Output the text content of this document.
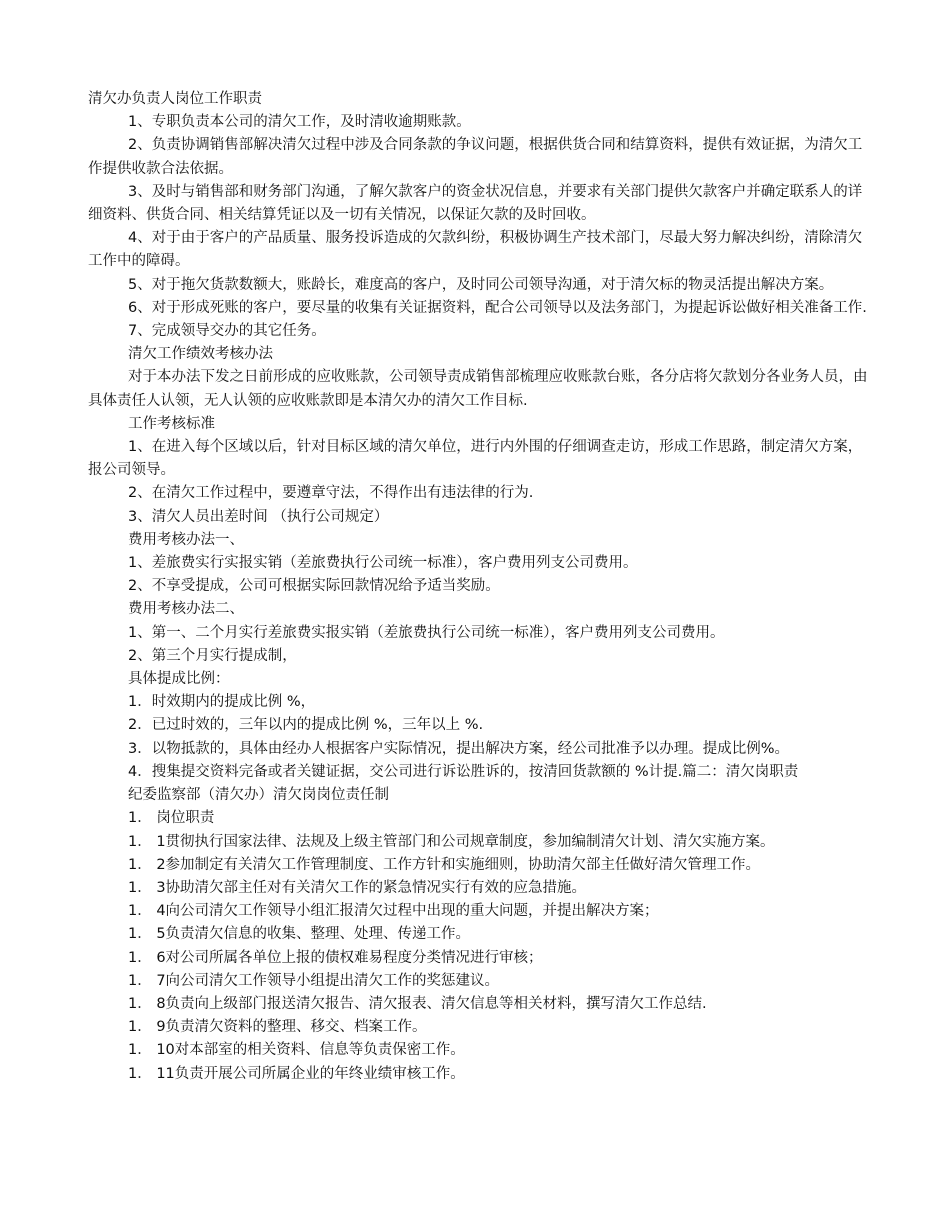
清欠办负责人岗位工作职责

1、专职负责本公司的清欠工作，及时清收逾期账款。

2、负责协调销售部解决清欠过程中涉及合同条款的争议问题，根据供货合同和结算资料，提供有效证据，为清欠工作提供收款合法依据。

3、及时与销售部和财务部门沟通，了解欠款客户的资金状况信息，并要求有关部门提供欠款客户并确定联系人的详细资料、供货合同、相关结算凭证以及一切有关情况，以保证欠款的及时回收。

4、对于由于客户的产品质量、服务投诉造成的欠款纠纷，积极协调生产技术部门，尽最大努力解决纠纷，清除清欠工作中的障碍。

5、对于拖欠货款数额大，账龄长，难度高的客户，及时同公司领导沟通，对于清欠标的物灵活提出解决方案。

6、对于形成死账的客户，要尽量的收集有关证据资料，配合公司领导以及法务部门，为提起诉讼做好相关准备工作.

7、完成领导交办的其它任务。

清欠工作绩效考核办法

对于本办法下发之日前形成的应收账款，公司领导责成销售部梳理应收账款台账，各分店将欠款划分各业务人员，由具体责任人认领，无人认领的应收账款即是本清欠办的清欠工作目标.

工作考核标准

1、在进入每个区域以后，针对目标区域的清欠单位，进行内外围的仔细调查走访，形成工作思路，制定清欠方案，报公司领导。

2、在清欠工作过程中，要遵章守法，不得作出有违法律的行为.

3、清欠人员出差时间 （执行公司规定）

费用考核办法一、

1、差旅费实行实报实销（差旅费执行公司统一标准），客户费用列支公司费用。

2、不享受提成，公司可根据实际回款情况给予适当奖励。

费用考核办法二、

1、第一、二个月实行差旅费实报实销（差旅费执行公司统一标准），客户费用列支公司费用。

2、第三个月实行提成制，

具体提成比例：

1．时效期内的提成比例 %，

2．已过时效的，三年以内的提成比例 %，三年以上 %.

3．以物抵款的，具体由经办人根据客户实际情况，提出解决方案，经公司批准予以办理。提成比例%。

4．搜集提交资料完备或者关键证据，交公司进行诉讼胜诉的，按清回货款额的 %计提.篇二：清欠岗职责

纪委监察部（清欠办）清欠岗岗位责任制

1． 岗位职责

1． 1贯彻执行国家法律、法规及上级主管部门和公司规章制度，参加编制清欠计划、清欠实施方案。

1． 2参加制定有关清欠工作管理制度、工作方针和实施细则，协助清欠部主任做好清欠管理工作。

1． 3协助清欠部主任对有关清欠工作的紧急情况实行有效的应急措施。

1． 4向公司清欠工作领导小组汇报清欠过程中出现的重大问题，并提出解决方案；

1． 5负责清欠信息的收集、整理、处理、传递工作。

1． 6对公司所属各单位上报的债权难易程度分类情况进行审核；

1． 7向公司清欠工作领导小组提出清欠工作的奖惩建议。

1． 8负责向上级部门报送清欠报告、清欠报表、清欠信息等相关材料，撰写清欠工作总结.

1． 9负责清欠资料的整理、移交、档案工作。

1． 10对本部室的相关资料、信息等负责保密工作。

1． 11负责开展公司所属企业的年终业绩审核工作。
